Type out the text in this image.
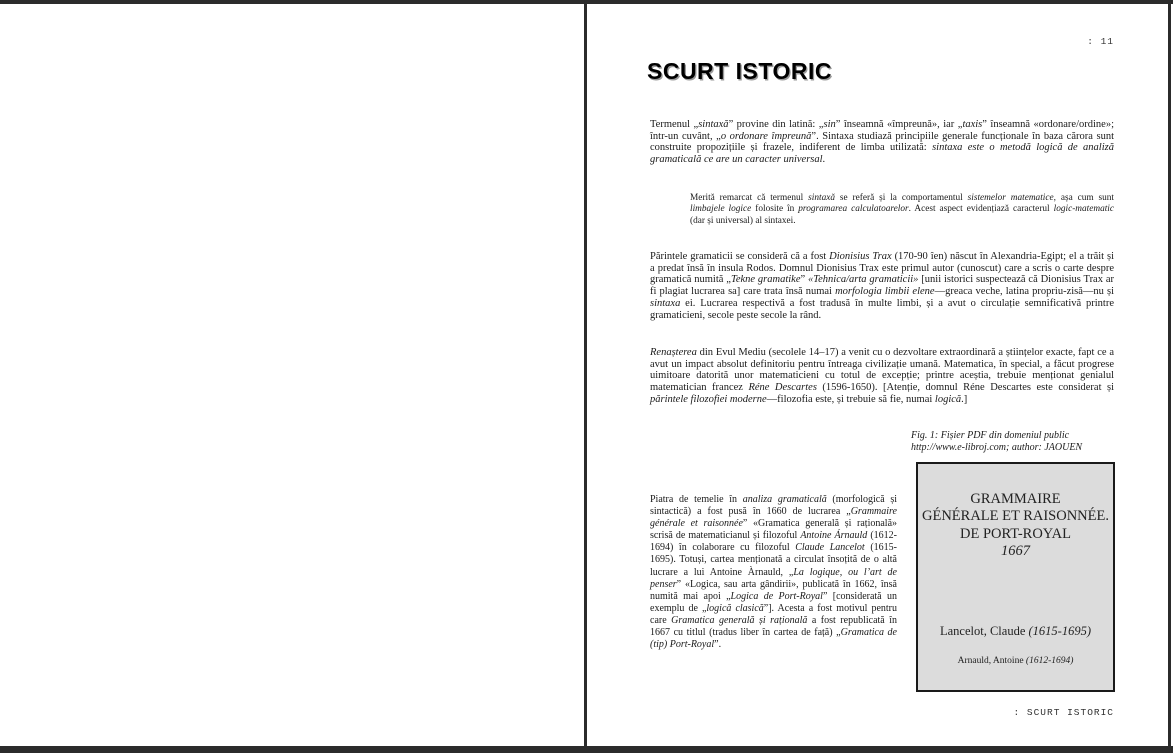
: 11
SCURT ISTORIC
Termenul „sintaxă” provine din latină: „sin” înseamnă «împreună», iar „taxis” înseamnă «ordonare/ordine»; într-un cuvânt, „o ordonare împreună”. Sintaxa studiază principiile generale funcționale în baza cărora sunt construite propozițiile și frazele, indiferent de limba utilizată: sintaxa este o metodă logică de analiză gramaticală ce are un caracter universal.
Merită remarcat că termenul sintaxă se referă și la comportamentul sistemelor matematice, așa cum sunt limbajele logice folosite în programarea calculatoarelor. Acest aspect evidențiază caracterul logic-matematic (dar și universal) al sintaxei.
Părintele gramaticii se consideră că a fost Dionisius Trax (170-90 îen) născut în Alexandria-Egipt; el a trăit și a predat însă în insula Rodos. Domnul Dionisius Trax este primul autor (cunoscut) care a scris o carte despre gramatică numită „Tekne gramatike” «Tehnica/arta gramaticii» [unii istorici suspectează că Dionisius Trax ar fi plagiat lucrarea sa] care trata însă numai morfologia limbii elene—greaca veche, latina propriu-zisă—nu și sintaxa ei. Lucrarea respectivă a fost tradusă în multe limbi, și a avut o circulație semnificativă printre gramaticieni, secole peste secole la rând.
Renașterea din Evul Mediu (secolele 14–17) a venit cu o dezvoltare extraordinară a științelor exacte, fapt ce a avut un impact absolut definitoriu pentru întreaga civilizație umană. Matematica, în special, a făcut progrese uimitoare datorită unor matematicieni cu totul de excepție; printre aceștia, trebuie menționat genialul matematician francez Réne Descartes (1596-1650). [Atenție, domnul Réne Descartes este considerat și părintele filozofiei moderne—filozofia este, și trebuie să fie, numai logică.]
Fig. 1: Fișier PDF din domeniul public
http://www.e-libroj.com; author: JAOUEN
GRAMMAIRE
GÉNÉRALE ET RAISONNÉE.
DE PORT-ROYAL
1667
Lancelot, Claude (1615-1695)
Arnauld, Antoine (1612-1694)
Piatra de temelie în analiza gramaticală (morfologică și sintactică) a fost pusă în 1660 de lucrarea „Grammaire générale et raisonnée” «Gramatica generală și rațională» scrisă de matematicianul și filozoful Antoine Árnauld (1612-1694) în colaborare cu filozoful Claude Lancelot (1615-1695). Totuși, cartea menționată a circulat însoțită de o altă lucrare a lui Antoine Àrnauld, „La logique, ou l’art de penser” «Logica, sau arta gândirii», publicată în 1662, însă numită mai apoi „Logica de Port-Royal” [considerată un exemplu de „logică clasică”]. Acesta a fost motivul pentru care Gramatica generală și rațională a fost republicată în 1667 cu titlul (tradus liber în cartea de față) „Gramatica de (tip) Port-Royal”.
: SCURT ISTORIC
